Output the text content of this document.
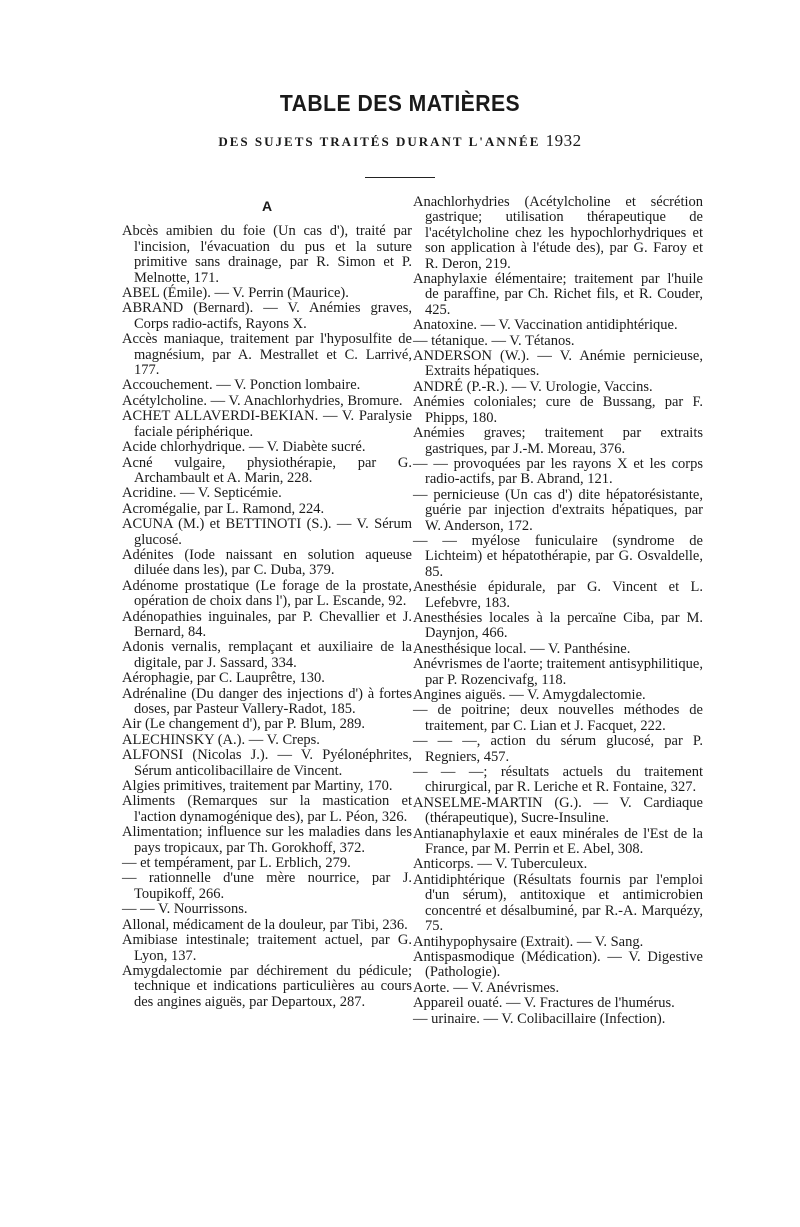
TABLE DES MATIÈRES
DES SUJETS TRAITÉS DURANT L'ANNÉE 1932
A

Abcès amibien du foie (Un cas d'), traité par l'incision, l'évacuation du pus et la suture primitive sans drainage, par R. Simon et P. Melnotte, 171.

ABEL (Émile). — V. Perrin (Maurice).

ABRAND (Bernard). — V. Anémies graves, Corps radio-actifs, Rayons X.

Accès maniaque, traitement par l'hyposulfite de magnésium, par A. Mestrallet et C. Larrivé, 177.

Accouchement. — V. Ponction lombaire.

Acétylcholine. — V. Anachlorhydries, Bromure.

ACHET ALLAVERDI-BEKIAN. — V. Paralysie faciale périphérique.

Acide chlorhydrique. — V. Diabète sucré.

Acné vulgaire, physiothérapie, par G. Archambault et A. Marin, 228.

Acridine. — V. Septicémie.

Acromégalie, par L. Ramond, 224.

ACUNA (M.) et BETTINOTI (S.). — V. Sérum glucosé.

Adénites (Iode naissant en solution aqueuse diluée dans les), par C. Duba, 379.

Adénome prostatique (Le forage de la prostate, opération de choix dans l'), par L. Escande, 92.

Adénopathies inguinales, par P. Chevallier et J. Bernard, 84.

Adonis vernalis, remplaçant et auxiliaire de la digitale, par J. Sassard, 334.

Aérophagie, par C. Lauprêtre, 130.

Adrénaline (Du danger des injections d') à fortes doses, par Pasteur Vallery-Radot, 185.

Air (Le changement d'), par P. Blum, 289.

ALECHINSKY (A.). — V. Creps.

ALFONSI (Nicolas J.). — V. Pyélonéphrites, Sérum anticolibacillaire de Vincent.

Algies primitives, traitement par Martiny, 170.

Aliments (Remarques sur la mastication et l'action dynamogénique des), par L. Péon, 326.

Alimentation; influence sur les maladies dans les pays tropicaux, par Th. Gorokhoff, 372.

— et tempérament, par L. Erblich, 279.

— rationnelle d'une mère nourrice, par J. Toupikoff, 266.

— — V. Nourrissons.

Allonal, médicament de la douleur, par Tibi, 236.

Amibiase intestinale; traitement actuel, par G. Lyon, 137.

Amygdalectomie par déchirement du pédicule; technique et indications particulières au cours des angines aiguës, par Departoux, 287.

Anachlorhydries (Acétylcholine et sécrétion gastrique; utilisation thérapeutique de l'acétylcholine chez les hypochlorhydriques et son application à l'étude des), par G. Faroy et R. Deron, 219.

Anaphylaxie élémentaire; traitement par l'huile de paraffine, par Ch. Richet fils, et R. Couder, 425.

Anatoxine. — V. Vaccination antidiphtérique.

— tétanique. — V. Tétanos.

ANDERSON (W.). — V. Anémie pernicieuse, Extraits hépatiques.

ANDRÉ (P.-R.). — V. Urologie, Vaccins.

Anémies coloniales; cure de Bussang, par F. Phipps, 180.

Anémies graves; traitement par extraits gastriques, par J.-M. Moreau, 376.

— — provoquées par les rayons X et les corps radio-actifs, par B. Abrand, 121.

— pernicieuse (Un cas d') dite hépatorésistante, guérie par injection d'extraits hépatiques, par W. Anderson, 172.

— — myélose funiculaire (syndrome de Lichteim) et hépatothérapie, par G. Osvaldelle, 85.

Anesthésie épidurale, par G. Vincent et L. Lefebvre, 183.

Anesthésies locales à la percaïne Ciba, par M. Daynjon, 466.

Anesthésique local. — V. Panthésine.

Anévrismes de l'aorte; traitement antisyphilitique, par P. Rozencivafg, 118.

Angines aiguës. — V. Amygdalectomie.

— de poitrine; deux nouvelles méthodes de traitement, par C. Lian et J. Facquet, 222.

— — —, action du sérum glucosé, par P. Regniers, 457.

— — —; résultats actuels du traitement chirurgical, par R. Leriche et R. Fontaine, 327.

ANSELME-MARTIN (G.). — V. Cardiaque (thérapeutique), Sucre-Insuline.

Antianaphylaxie et eaux minérales de l'Est de la France, par M. Perrin et E. Abel, 308.

Anticorps. — V. Tuberculeux.

Antidiphtérique (Résultats fournis par l'emploi d'un sérum), antitoxique et antimicrobien concentré et désalbuminé, par R.-A. Marquézy, 75.

Antihypophysaire (Extrait). — V. Sang.

Antispasmodique (Médication). — V. Digestive (Pathologie).

Aorte. — V. Anévrismes.

Appareil ouaté. — V. Fractures de l'humérus.

— urinaire. — V. Colibacillaire (Infection).
